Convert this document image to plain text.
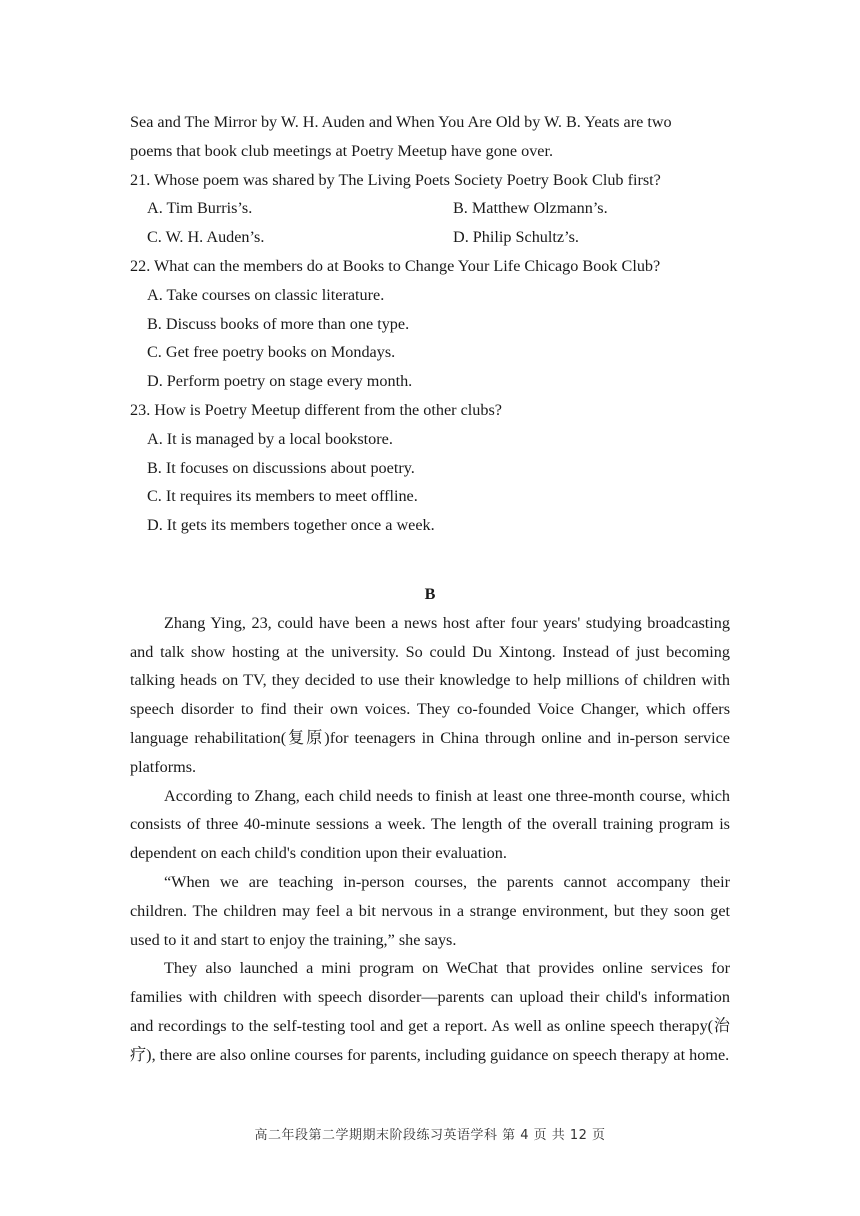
Sea and The Mirror by W. H. Auden and When You Are Old by W. B. Yeats are two
poems that book club meetings at Poetry Meetup have gone over.
21. Whose poem was shared by The Living Poets Society Poetry Book Club first?
A. Tim Burris’s.	B. Matthew Olzmann’s.
C. W. H. Auden’s.	D. Philip Schultz’s.
22. What can the members do at Books to Change Your Life Chicago Book Club?
A. Take courses on classic literature.
B. Discuss books of more than one type.
C. Get free poetry books on Mondays.
D. Perform poetry on stage every month.
23. How is Poetry Meetup different from the other clubs?
A. It is managed by a local bookstore.
B. It focuses on discussions about poetry.
C. It requires its members to meet offline.
D. It gets its members together once a week.
B

Zhang Ying, 23, could have been a news host after four years' studying broadcasting and talk show hosting at the university. So could Du Xintong. Instead of just becoming talking heads on TV, they decided to use their knowledge to help millions of children with speech disorder to find their own voices. They co-founded Voice Changer, which offers language rehabilitation(复原)for teenagers in China through online and in-person service platforms.

According to Zhang, each child needs to finish at least one three-month course, which consists of three 40-minute sessions a week. The length of the overall training program is dependent on each child's condition upon their evaluation.

“When we are teaching in-person courses, the parents cannot accompany their children. The children may feel a bit nervous in a strange environment, but they soon get used to it and start to enjoy the training,” she says.

They also launched a mini program on WeChat that provides online services for families with children with speech disorder—parents can upload their child's information and recordings to the self-testing tool and get a report. As well as online speech therapy(治疗), there are also online courses for parents, including guidance on speech therapy at home.

高二年段第二学期期末阶段练习英语学科 第 4 页 共 12 页
